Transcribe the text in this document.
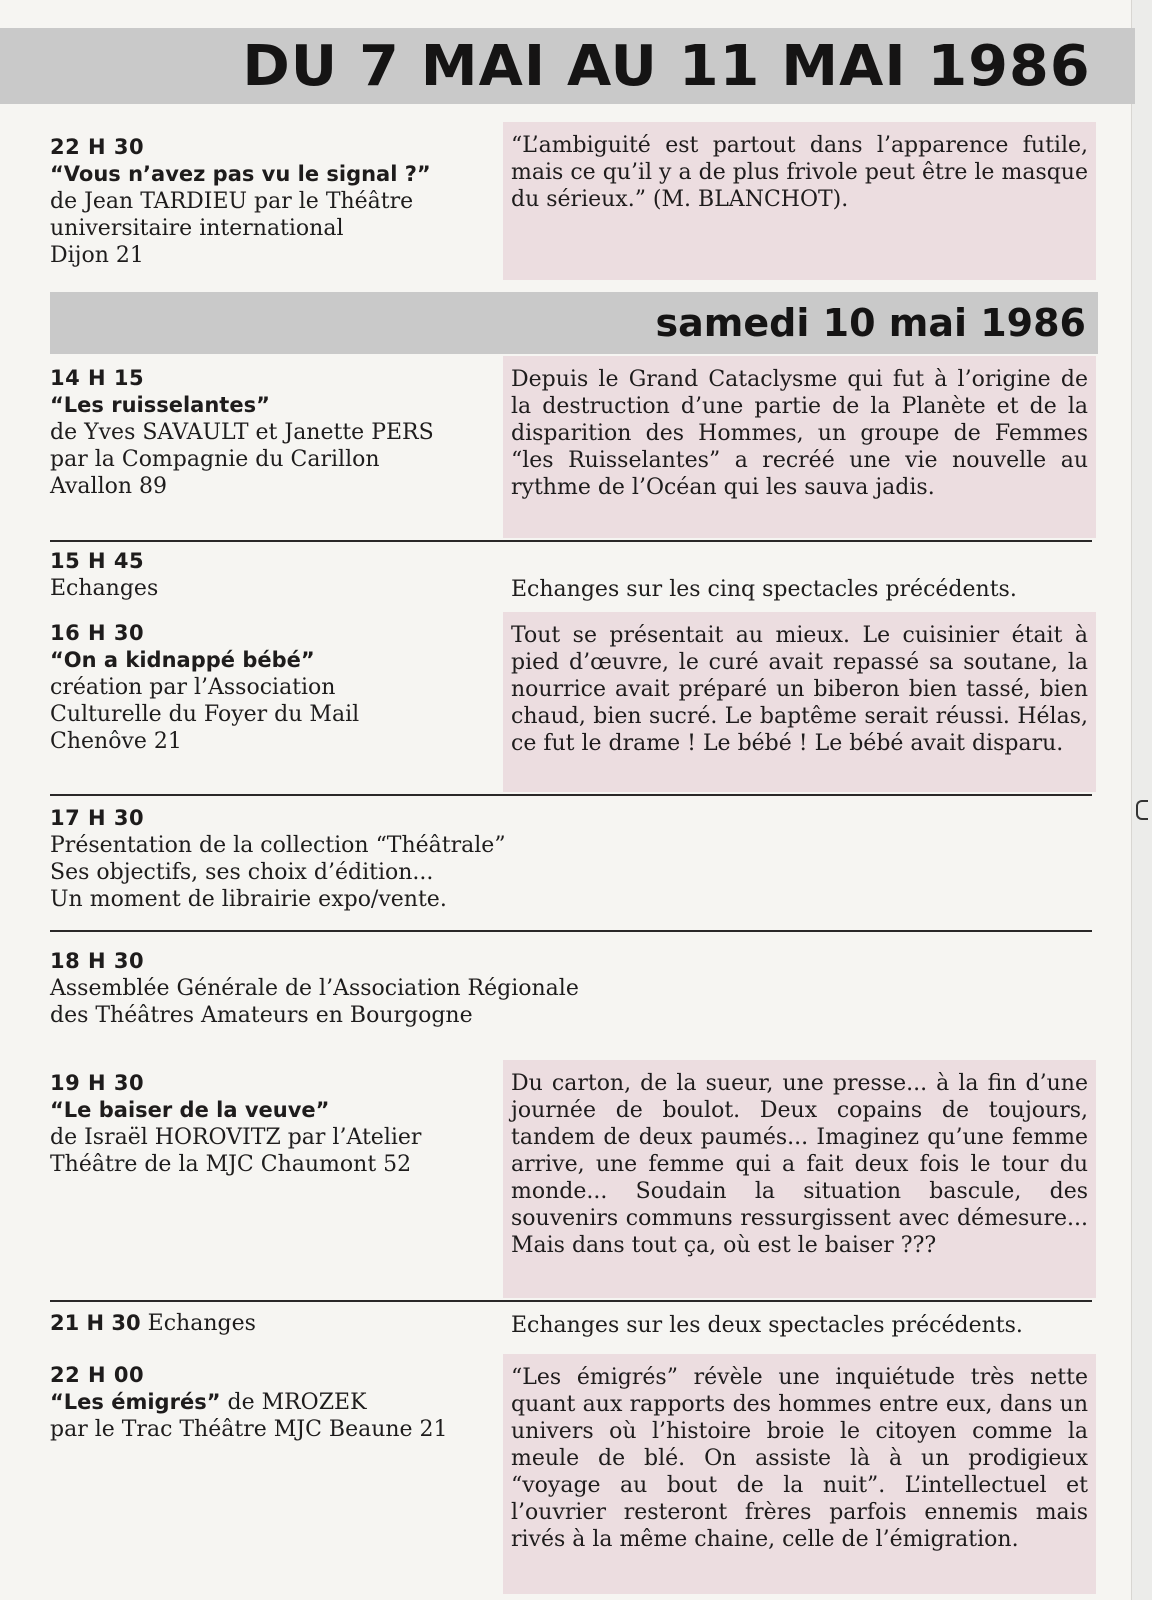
DU 7 MAI AU 11 MAI 1986
22 H 30
“Vous n’avez pas vu le signal ?”
de Jean TARDIEU par le Théâtre
universitaire international
Dijon 21
“L’ambiguité est partout dans l’apparence futile, mais ce qu’il y a de plus frivole peut être le masque du sérieux.” (M. BLANCHOT).
samedi 10 mai 1986
14 H 15
“Les ruisselantes”
de Yves SAVAULT et Janette PERS
par la Compagnie du Carillon
Avallon 89
Depuis le Grand Cataclysme qui fut à l’origine de la destruction d’une partie de la Planète et de la disparition des Hommes, un groupe de Femmes “les Ruisselantes” a recréé une vie nouvelle au rythme de l’Océan qui les sauva jadis.
15 H 45
Echanges	Echanges sur les cinq spectacles précédents.
16 H 30
“On a kidnappé bébé”
création par l’Association
Culturelle du Foyer du Mail
Chenôve 21
Tout se présentait au mieux. Le cuisinier était à pied d’œuvre, le curé avait repassé sa soutane, la nourrice avait préparé un biberon bien tassé, bien chaud, bien sucré. Le baptême serait réussi. Hélas, ce fut le drame ! Le bébé ! Le bébé avait disparu.
17 H 30
Présentation de la collection “Théâtrale”
Ses objectifs, ses choix d’édition...
Un moment de librairie expo/vente.
18 H 30
Assemblée Générale de l’Association Régionale
des Théâtres Amateurs en Bourgogne
19 H 30
“Le baiser de la veuve”
de Israël HOROVITZ par l’Atelier
Théâtre de la MJC Chaumont 52
Du carton, de la sueur, une presse... à la fin d’une journée de boulot. Deux copains de toujours, tandem de deux paumés... Imaginez qu’une femme arrive, une femme qui a fait deux fois le tour du monde... Soudain la situation bascule, des souvenirs communs ressurgissent avec démesure... Mais dans tout ça, où est le baiser ???
21 H 30 Echanges	Echanges sur les deux spectacles précédents.
22 H 00
“Les émigrés” de MROZEK
par le Trac Théâtre MJC Beaune 21
“Les émigrés” révèle une inquiétude très nette quant aux rapports des hommes entre eux, dans un univers où l’histoire broie le citoyen comme la meule de blé. On assiste là à un prodigieux “voyage au bout de la nuit”. L’intellectuel et l’ouvrier resteront frères parfois ennemis mais rivés à la même chaine, celle de l’émigration.
